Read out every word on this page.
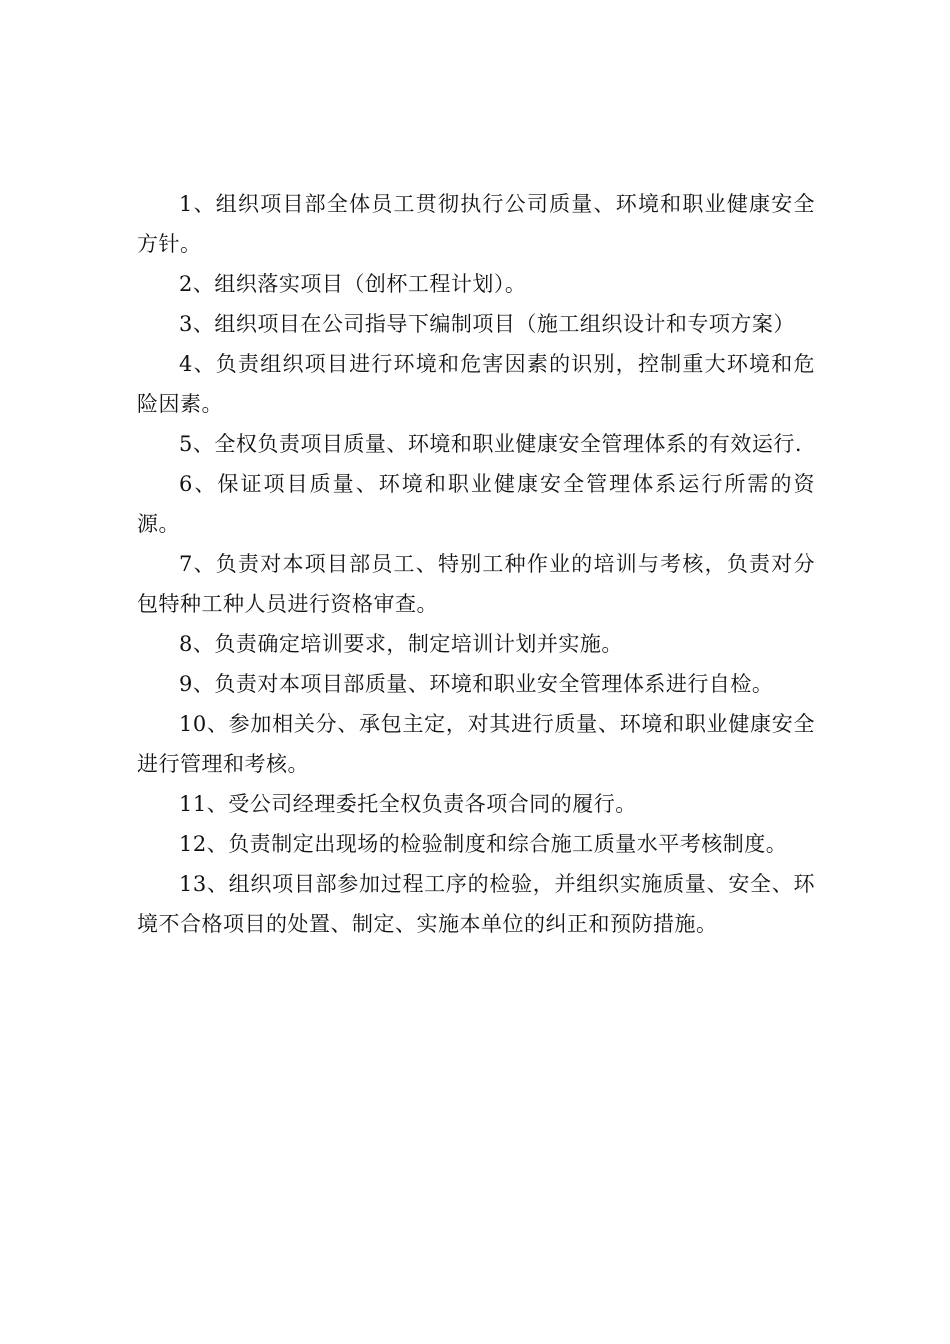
1、组织项目部全体员工贯彻执行公司质量、环境和职业健康安全方针。

2、组织落实项目（创杯工程计划）。

3、组织项目在公司指导下编制项目（施工组织设计和专项方案）

4、负责组织项目进行环境和危害因素的识别，控制重大环境和危险因素。

5、全权负责项目质量、环境和职业健康安全管理体系的有效运行.

6、保证项目质量、环境和职业健康安全管理体系运行所需的资源。

7、负责对本项目部员工、特别工种作业的培训与考核，负责对分包特种工种人员进行资格审查。

8、负责确定培训要求，制定培训计划并实施。

9、负责对本项目部质量、环境和职业安全管理体系进行自检。

10、参加相关分、承包主定，对其进行质量、环境和职业健康安全进行管理和考核。

11、受公司经理委托全权负责各项合同的履行。

12、负责制定出现场的检验制度和综合施工质量水平考核制度。

13、组织项目部参加过程工序的检验，并组织实施质量、安全、环境不合格项目的处置、制定、实施本单位的纠正和预防措施。
